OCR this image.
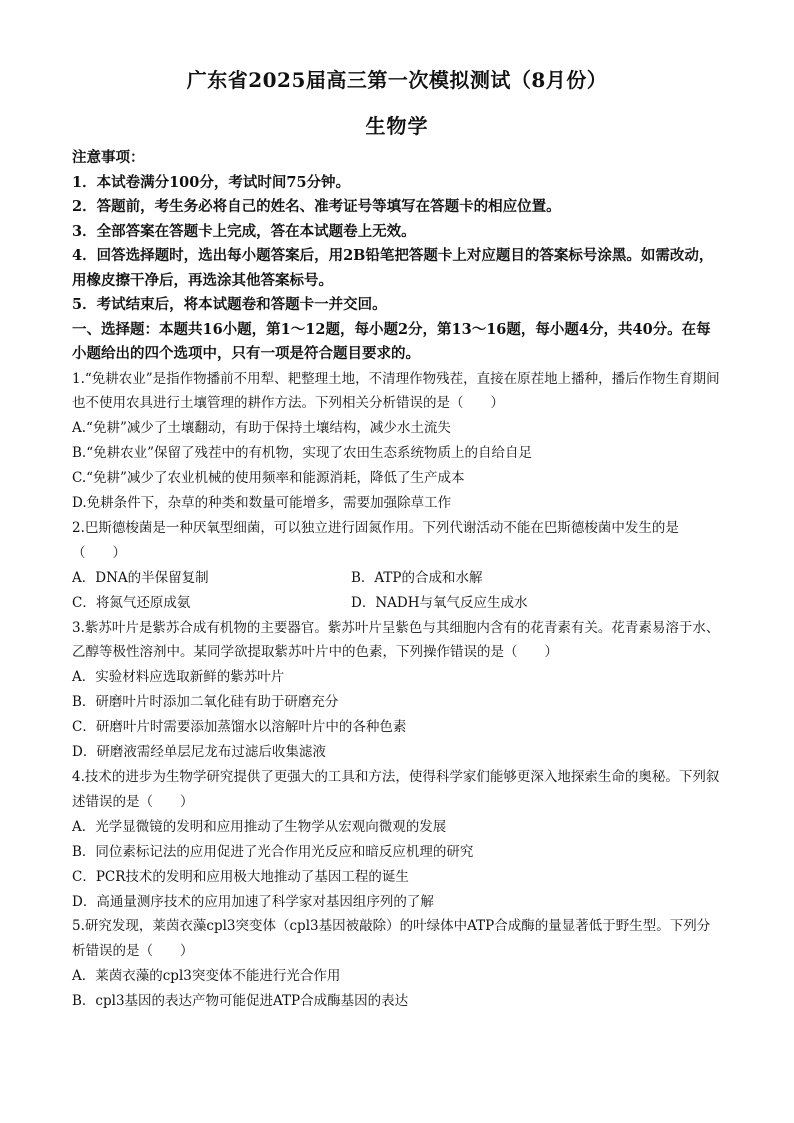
广东省2025届高三第一次模拟测试（8月份）
生物学

注意事项：

1．本试卷满分100分，考试时间75分钟。

2．答题前，考生务必将自己的姓名、准考证号等填写在答题卡的相应位置。

3．全部答案在答题卡上完成，答在本试题卷上无效。

4．回答选择题时，选出每小题答案后，用2B铅笔把答题卡上对应题目的答案标号涂黑。如需改动，用橡皮擦干净后，再选涂其他答案标号。

5．考试结束后，将本试题卷和答题卡一并交回。

一、选择题：本题共16小题，第1～12题，每小题2分，第13～16题，每小题4分，共40分。在每小题给出的四个选项中，只有一项是符合题目要求的。

1.“免耕农业”是指作物播前不用犁、耙整理土地，不清理作物残茬，直接在原茬地上播种，播后作物生育期间也不使用农具进行土壤管理的耕作方法。下列相关分析错误的是（　　）

A.“免耕”减少了土壤翻动，有助于保持土壤结构，减少水土流失

B.“免耕农业”保留了残茬中的有机物，实现了农田生态系统物质上的自给自足

C.“免耕”减少了农业机械的使用频率和能源消耗，降低了生产成本

D.免耕条件下，杂草的种类和数量可能增多，需要加强除草工作

2.巴斯德梭菌是一种厌氧型细菌，可以独立进行固氮作用。下列代谢活动不能在巴斯德梭菌中发生的是（　　）

A．DNA的半保留复制	B．ATP的合成和水解
C．将氮气还原成氨	D．NADH与氧气反应生成水

3.紫苏叶片是紫苏合成有机物的主要器官。紫苏叶片呈紫色与其细胞内含有的花青素有关。花青素易溶于水、乙醇等极性溶剂中。某同学欲提取紫苏叶片中的色素，下列操作错误的是（　　）

A．实验材料应选取新鲜的紫苏叶片

B．研磨叶片时添加二氧化硅有助于研磨充分

C．研磨叶片时需要添加蒸馏水以溶解叶片中的各种色素

D．研磨液需经单层尼龙布过滤后收集滤液

4.技术的进步为生物学研究提供了更强大的工具和方法，使得科学家们能够更深入地探索生命的奥秘。下列叙述错误的是（　　）

A．光学显微镜的发明和应用推动了生物学从宏观向微观的发展

B．同位素标记法的应用促进了光合作用光反应和暗反应机理的研究

C．PCR技术的发明和应用极大地推动了基因工程的诞生

D．高通量测序技术的应用加速了科学家对基因组序列的了解

5.研究发现，莱茵衣藻cpl3突变体（cpl3基因被敲除）的叶绿体中ATP合成酶的量显著低于野生型。下列分析错误的是（　　）

A．莱茵衣藻的cpl3突变体不能进行光合作用

B．cpl3基因的表达产物可能促进ATP合成酶基因的表达
